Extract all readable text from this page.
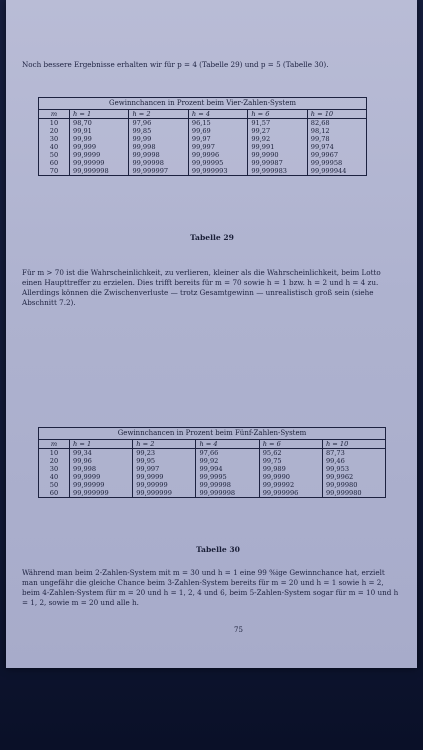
Noch bessere Ergebnisse erhalten wir für p = 4 (Tabelle 29) und p = 5 (Tabelle 30).

Gewinnchancen in Prozent beim Vier-Zahlen-System
m	h = 1	h = 2	h = 4	h = 6	h = 10
10	98,70	97,96	96,15	91,57	82,68
20	99,91	99,85	99,69	99,27	98,12
30	99,99	99,99	99,97	99,92	99,78
40	99,999	99,998	99,997	99,991	99,974
50	99,9999	99,9998	99,9996	99,9990	99,9967
60	99,99999	99,99998	99,99995	99,99987	99,99958
70	99,999998	99,999997	99,999993	99,999983	99,999944
Tabelle 29

Für m > 70 ist die Wahrscheinlichkeit, zu verlieren, kleiner als die Wahrscheinlichkeit, beim Lotto einen Haupttreffer zu erzielen. Dies trifft bereits für m = 70 sowie h = 1 bzw. h = 2 und h = 4 zu. Allerdings können die Zwischenverluste — trotz Gesamtgewinn — unrealistisch groß sein (siehe Abschnitt 7.2).

Gewinnchancen in Prozent beim Fünf-Zahlen-System
m	h = 1	h = 2	h = 4	h = 6	h = 10
10	99,34	99,23	97,66	95,62	87,73
20	99,96	99,95	99,92	99,75	99,46
30	99,998	99,997	99,994	99,989	99,953
40	99,9999	99,9999	99,9995	99,9990	99,9962
50	99,99999	99,99999	99,99998	99,99992	99,99980
60	99,999999	99,999999	99,999998	99,999996	99,999980
Tabelle 30

Während man beim 2-Zahlen-System mit m = 30 und h = 1 eine 99 %ige Gewinnchance hat, erzielt man ungefähr die gleiche Chance beim 3-Zahlen-System bereits für m = 20 und h = 1 sowie h = 2, beim 4-Zahlen-System für m = 20 und h = 1, 2, 4 und 6, beim 5-Zahlen-System sogar für m = 10 und h = 1, 2, sowie m = 20 und alle h.

75
